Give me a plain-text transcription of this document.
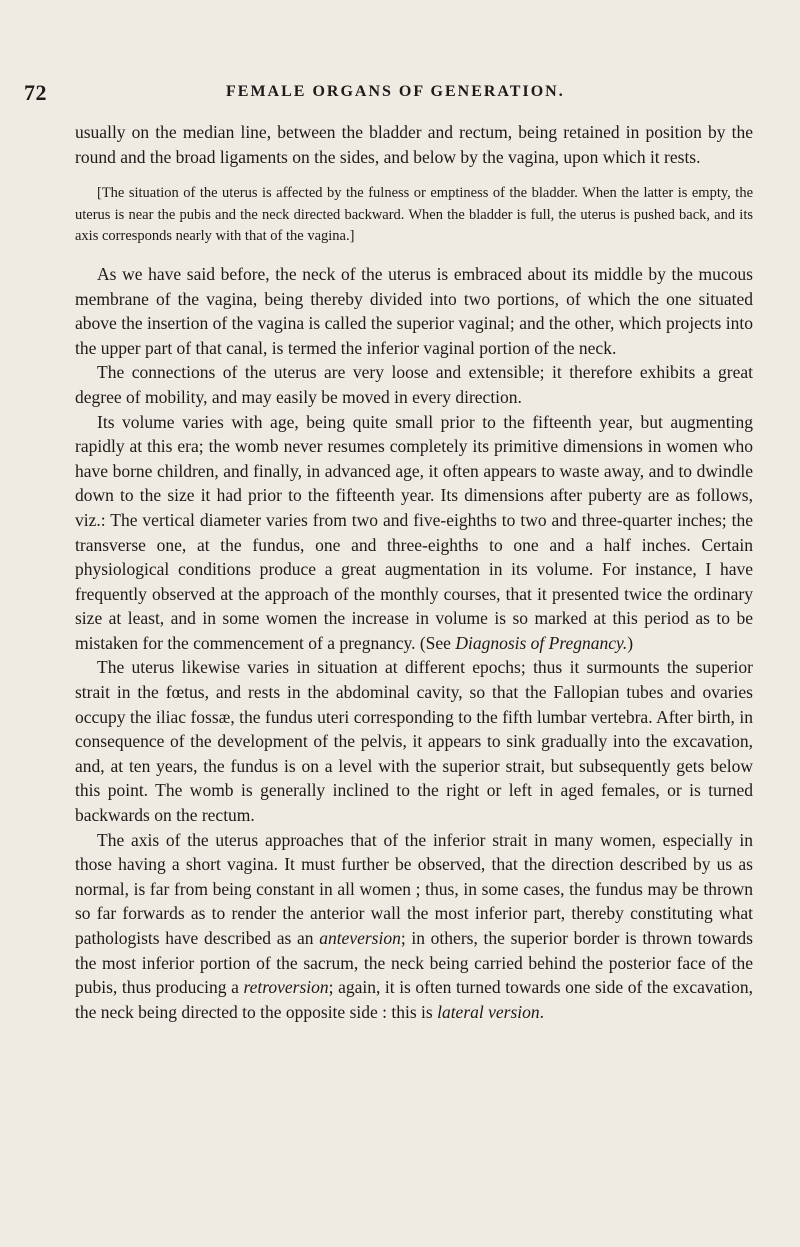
72	FEMALE ORGANS OF GENERATION.

usually on the median line, between the bladder and rectum, being retained in position by the round and the broad ligaments on the sides, and below by the vagina, upon which it rests.

[The situation of the uterus is affected by the fulness or emptiness of the bladder. When the latter is empty, the uterus is near the pubis and the neck directed backward. When the bladder is full, the uterus is pushed back, and its axis corresponds nearly with that of the vagina.]

As we have said before, the neck of the uterus is embraced about its middle by the mucous membrane of the vagina, being thereby divided into two portions, of which the one situated above the insertion of the vagina is called the superior vaginal; and the other, which projects into the upper part of that canal, is termed the inferior vaginal portion of the neck.

The connections of the uterus are very loose and extensible; it therefore exhibits a great degree of mobility, and may easily be moved in every direction.

Its volume varies with age, being quite small prior to the fifteenth year, but augmenting rapidly at this era; the womb never resumes completely its primitive dimensions in women who have borne children, and finally, in advanced age, it often appears to waste away, and to dwindle down to the size it had prior to the fifteenth year. Its dimensions after puberty are as follows, viz.: The vertical diameter varies from two and five-eighths to two and three-quarter inches; the transverse one, at the fundus, one and three-eighths to one and a half inches. Certain physiological conditions produce a great augmentation in its volume. For instance, I have frequently observed at the approach of the monthly courses, that it presented twice the ordinary size at least, and in some women the increase in volume is so marked at this period as to be mistaken for the commencement of a pregnancy. (See Diagnosis of Pregnancy.)

The uterus likewise varies in situation at different epochs; thus it surmounts the superior strait in the fœtus, and rests in the abdominal cavity, so that the Fallopian tubes and ovaries occupy the iliac fossæ, the fundus uteri corresponding to the fifth lumbar vertebra. After birth, in consequence of the development of the pelvis, it appears to sink gradually into the excavation, and, at ten years, the fundus is on a level with the superior strait, but subsequently gets below this point. The womb is generally inclined to the right or left in aged females, or is turned backwards on the rectum.

The axis of the uterus approaches that of the inferior strait in many women, especially in those having a short vagina. It must further be observed, that the direction described by us as normal, is far from being constant in all women ; thus, in some cases, the fundus may be thrown so far forwards as to render the anterior wall the most inferior part, thereby constituting what pathologists have described as an anteversion; in others, the superior border is thrown towards the most inferior portion of the sacrum, the neck being carried behind the posterior face of the pubis, thus producing a retroversion; again, it is often turned towards one side of the excavation, the neck being directed to the opposite side : this is lateral version.
